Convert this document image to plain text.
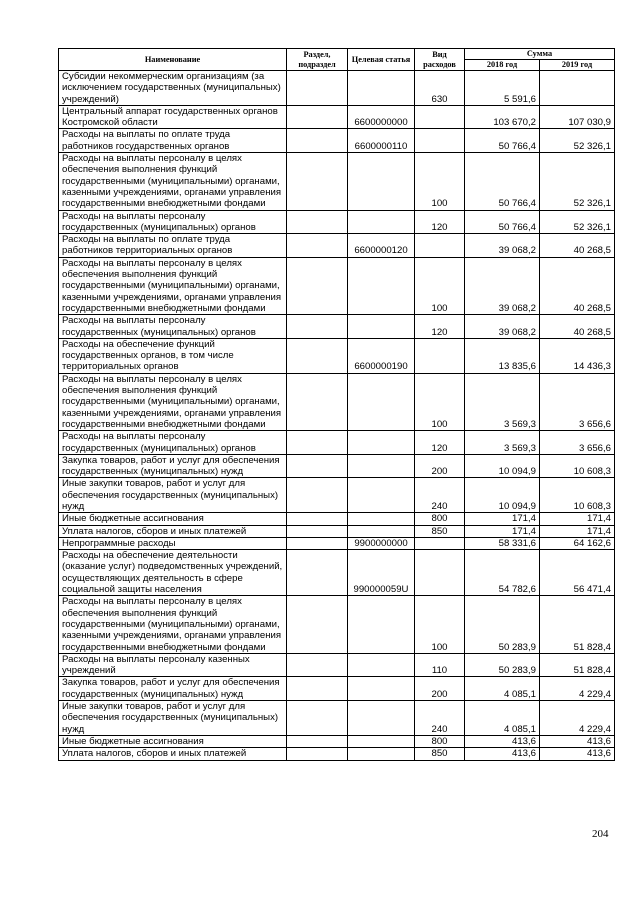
Наименование	Раздел, подраздел	Целевая статья	Вид расходов	Сумма	
				2018 год	2019 год
Субсидии некоммерческим организациям (за исключением государственных (муниципальных) учреждений)			630	5 591,6	
Центральный аппарат государственных органов Костромской области		6600000000		103 670,2	107 030,9
Расходы на выплаты по оплате труда работников государственных органов		6600000110		50 766,4	52 326,1
Расходы на выплаты персоналу в целях обеспечения выполнения функций государственными (муниципальными) органами, казенными учреждениями, органами управления государственными внебюджетными фондами			100	50 766,4	52 326,1
Расходы на выплаты персоналу государственных (муниципальных) органов			120	50 766,4	52 326,1
Расходы на выплаты по оплате труда работников территориальных органов		6600000120		39 068,2	40 268,5
Расходы на выплаты персоналу в целях обеспечения выполнения функций государственными (муниципальными) органами, казенными учреждениями, органами управления государственными внебюджетными фондами			100	39 068,2	40 268,5
Расходы на выплаты персоналу государственных (муниципальных) органов			120	39 068,2	40 268,5
Расходы на обеспечение функций государственных органов, в том числе территориальных органов		6600000190		13 835,6	14 436,3
Расходы на выплаты персоналу в целях обеспечения выполнения функций государственными (муниципальными) органами, казенными учреждениями, органами управления государственными внебюджетными фондами			100	3 569,3	3 656,6
Расходы на выплаты персоналу государственных (муниципальных) органов			120	3 569,3	3 656,6
Закупка товаров, работ и услуг для обеспечения государственных (муниципальных) нужд			200	10 094,9	10 608,3
Иные закупки товаров, работ и услуг для обеспечения государственных (муниципальных) нужд			240	10 094,9	10 608,3
Иные бюджетные ассигнования			800	171,4	171,4
Уплата налогов, сборов и иных платежей			850	171,4	171,4
Непрограммные расходы		9900000000		58 331,6	64 162,6
Расходы на обеспечение деятельности (оказание услуг) подведомственных учреждений, осуществляющих деятельность в сфере социальной защиты населения		990000059U		54 782,6	56 471,4
Расходы на выплаты персоналу в целях обеспечения выполнения функций государственными (муниципальными) органами, казенными учреждениями, органами управления государственными внебюджетными фондами			100	50 283,9	51 828,4
Расходы на выплаты персоналу казенных учреждений			110	50 283,9	51 828,4
Закупка товаров, работ и услуг для обеспечения государственных (муниципальных) нужд			200	4 085,1	4 229,4
Иные закупки товаров, работ и услуг для обеспечения государственных (муниципальных) нужд			240	4 085,1	4 229,4
Иные бюджетные ассигнования			800	413,6	413,6
Уплата налогов, сборов и иных платежей			850	413,6	413,6
204
